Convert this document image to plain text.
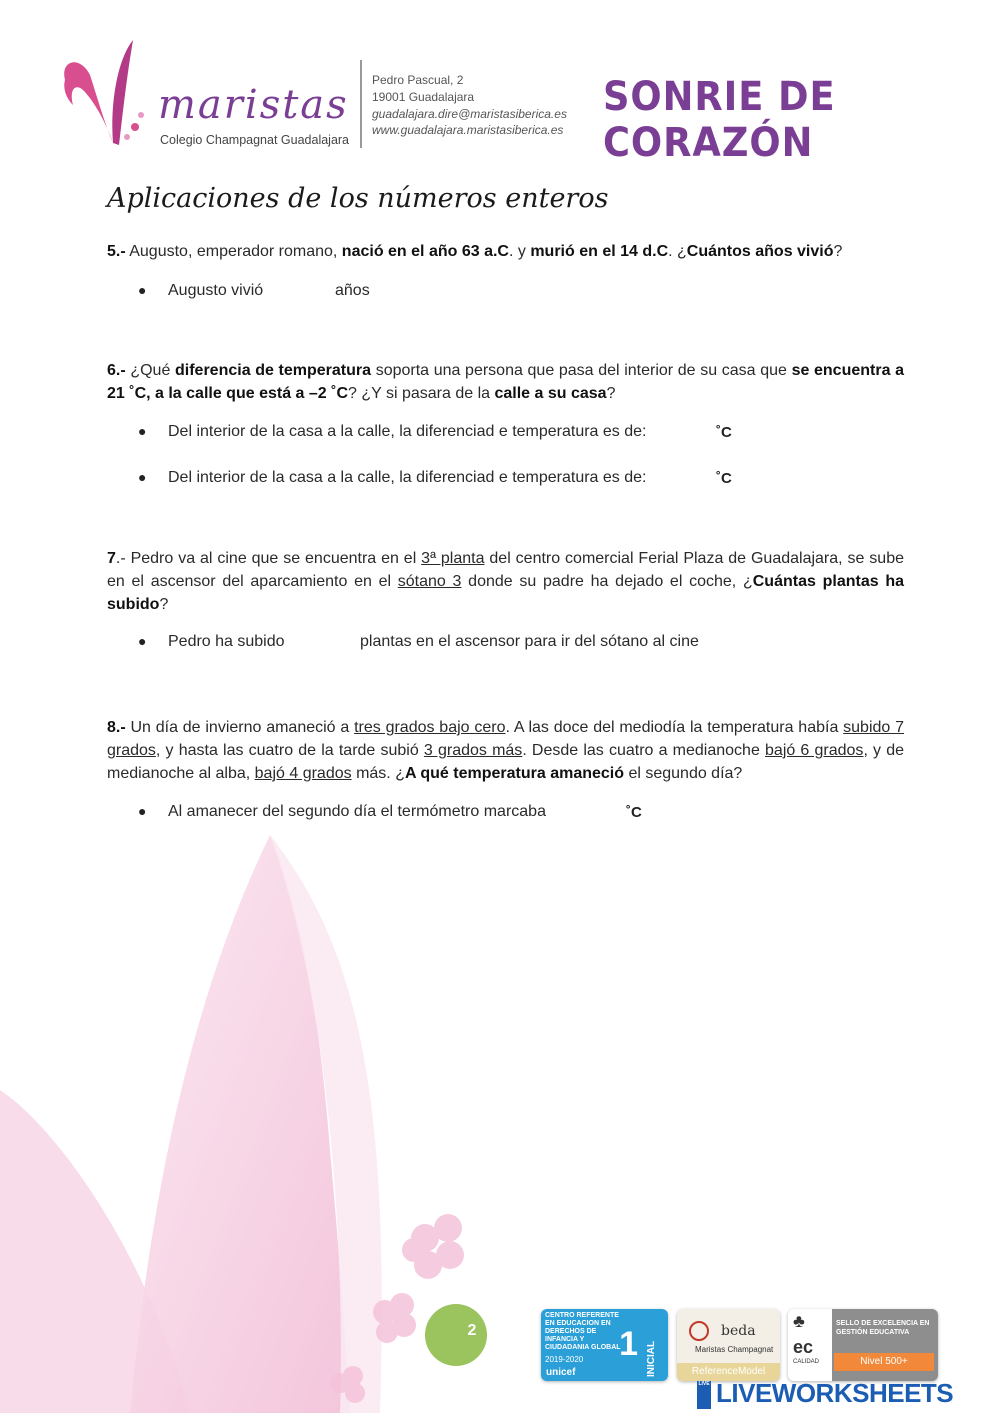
maristas
Colegio Champagnat Guadalajara
Pedro Pascual, 2
19001 Guadalajara
guadalajara.dire@maristasiberica.es
www.guadalajara.maristasiberica.es
SONRIE DE CORAZÓN
Aplicaciones de los números enteros
5.- Augusto, emperador romano, nació en el año 63 a.C. y murió en el 14 d.C. ¿Cuántos años vivió?
● Augusto vivió	años
6.- ¿Qué diferencia de temperatura soporta una persona que pasa del interior de su casa que se encuentra a 21 ˚C, a la calle que está a –2 ˚C? ¿Y si pasara de la calle a su casa?
● Del interior de la casa a la calle, la diferenciad e temperatura es de:	˚C
● Del interior de la casa a la calle, la diferenciad e temperatura es de:	˚C
7.- Pedro va al cine que se encuentra en el 3ª planta del centro comercial Ferial Plaza de Guadalajara, se sube en el ascensor del aparcamiento en el sótano 3 donde su padre ha dejado el coche, ¿Cuántas plantas ha subido?
● Pedro ha subido	plantas en el ascensor para ir del sótano al cine
8.- Un día de invierno amaneció a tres grados bajo cero. A las doce del mediodía la temperatura había subido 7 grados, y hasta las cuatro de la tarde subió 3 grados más. Desde las cuatro a medianoche bajó 6 grados, y de medianoche al alba, bajó 4 grados más. ¿A qué temperatura amaneció el segundo día?
● Al amanecer del segundo día el termómetro marcaba	˚C
2
CENTRO REFERENTE EN EDUCACION EN DERECHOS DE INFANCIA Y CIUDADANIA GLOBAL
2019-2020
unicef
1 INICIAL
beda
Maristas Champagnat
ReferenceModel
♣
ec
CALIDAD
SELLO DE EXCELENCIA EN GESTIÓN EDUCATIVA
Nivel 500+
LIVE LIVEWORKSHEETS
